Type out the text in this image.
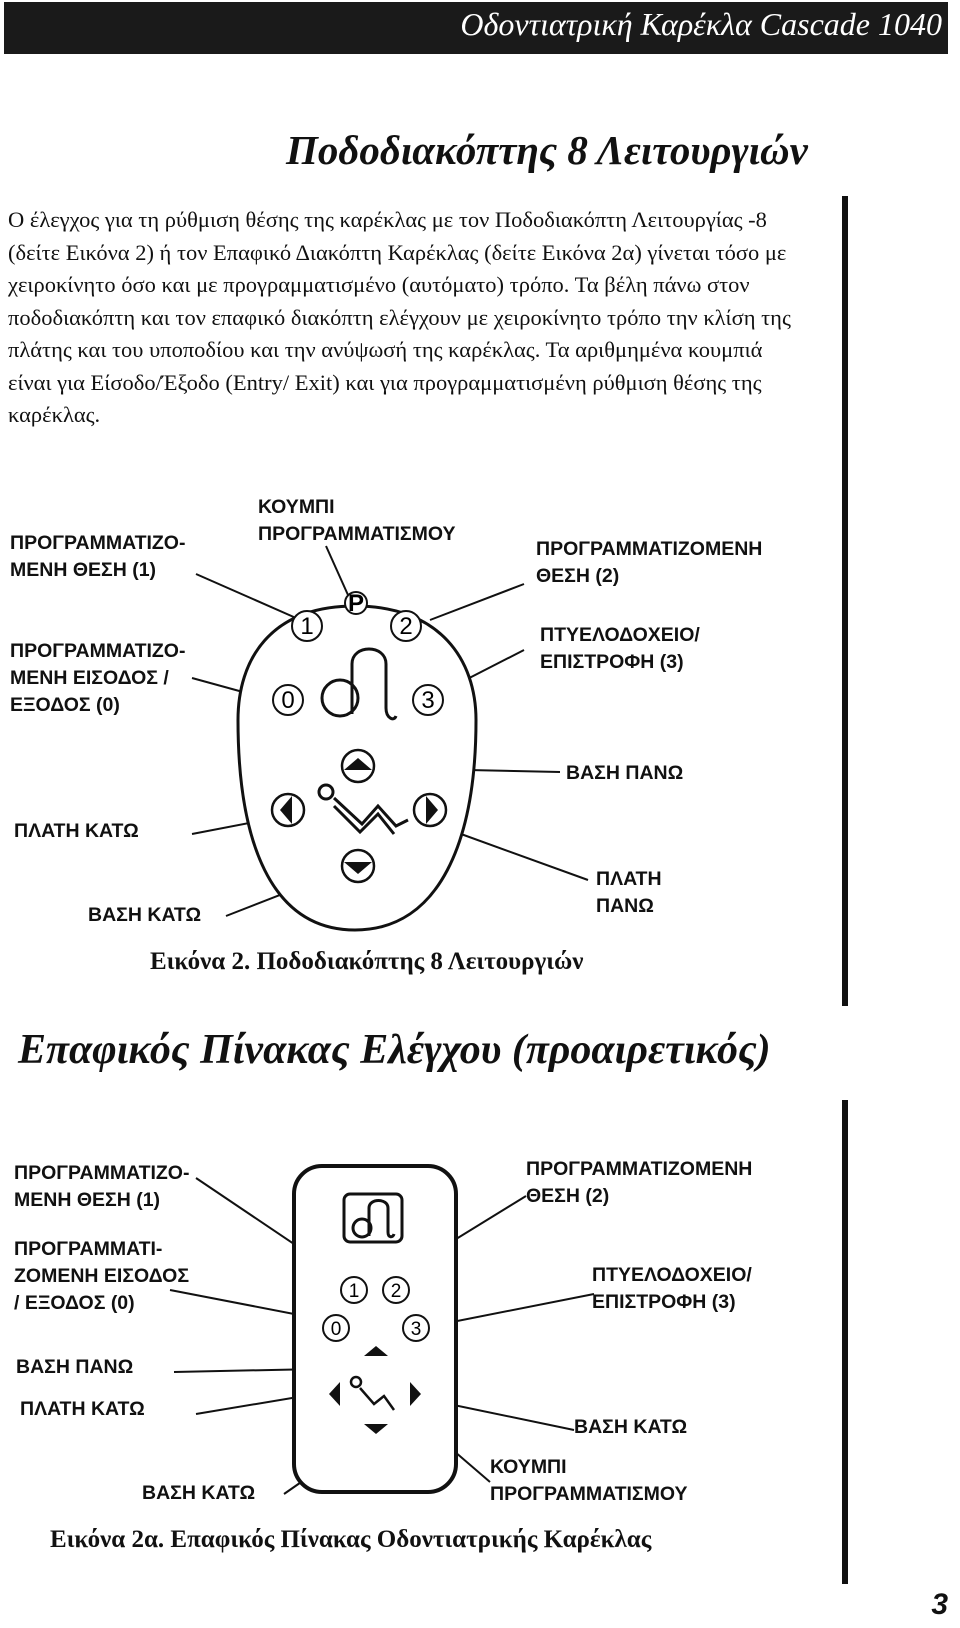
Οδοντιατρική Καρέκλα Cascade 1040
Ποδοδιακόπτης 8 Λειτουργιών
Ο έλεγχος για τη ρύθμιση θέσης της καρέκλας με τον Ποδοδιακόπτη Λειτουργίας -8 (δείτε Εικόνα 2) ή τον Επαφικό Διακόπτη Καρέκλας (δείτε Εικόνα 2α) γίνεται τόσο με χειροκίνητο όσο και με προγραμματισμένο (αυτόματο) τρόπο. Τα βέλη πάνω στον ποδοδιακόπτη και τον επαφικό διακόπτη ελέγχουν με χειροκίνητο τρόπο την κλίση της πλάτης και του υποποδίου και την ανύψωσή της καρέκλας. Τα αριθμημένα κουμπιά είναι για Είσοδο/Έξοδο (Entry/ Exit) και για προγραμματισμένη ρύθμιση θέσης της καρέκλας.
ΚΟΥΜΠΙ
ΠΡΟΓΡΑΜΜΑΤΙΣΜΟΥ
ΠΡΟΓΡΑΜΜΑΤΙΖΟ-
ΜΕΝΗ ΘΕΣΗ (1)
ΠΡΟΓΡΑΜΜΑΤΙΖΟΜΕΝΗ
ΘΕΣΗ (2)
ΠΡΟΓΡΑΜΜΑΤΙΖΟ-
ΜΕΝΗ ΕΙΣΟΔΟΣ /
ΕΞΟΔΟΣ (0)
ΠΤΥΕΛΟΔΟΧΕΙΟ/
ΕΠΙΣΤΡΟΦΗ (3)
ΒΑΣΗ ΠΑΝΩ
ΠΛΑΤΗ ΚΑΤΩ
ΠΛΑΤΗ
ΠΑΝΩ
ΒΑΣΗ ΚΑΤΩ
P
1	2
0	3
Εικόνα 2. Ποδοδιακόπτης 8 Λειτουργιών
Επαφικός Πίνακας Ελέγχου (προαιρετικός)
ΠΡΟΓΡΑΜΜΑΤΙΖΟ-
ΜΕΝΗ ΘΕΣΗ (1)
ΠΡΟΓΡΑΜΜΑΤΙΖΟΜΕΝΗ
ΘΕΣΗ (2)
ΠΡΟΓΡΑΜΜΑΤΙ-
ΖΟΜΕΝΗ ΕΙΣΟΔΟΣ
/ ΕΞΟΔΟΣ (0)
ΠΤΥΕΛΟΔΟΧΕΙΟ/
ΕΠΙΣΤΡΟΦΗ (3)
ΒΑΣΗ ΠΑΝΩ
ΠΛΑΤΗ ΚΑΤΩ
ΒΑΣΗ ΚΑΤΩ
ΚΟΥΜΠΙ
ΠΡΟΓΡΑΜΜΑΤΙΣΜΟΥ
ΒΑΣΗ ΚΑΤΩ
1 2
0	3
Εικόνα 2α. Επαφικός Πίνακας Οδοντιατρικής Καρέκλας
3
